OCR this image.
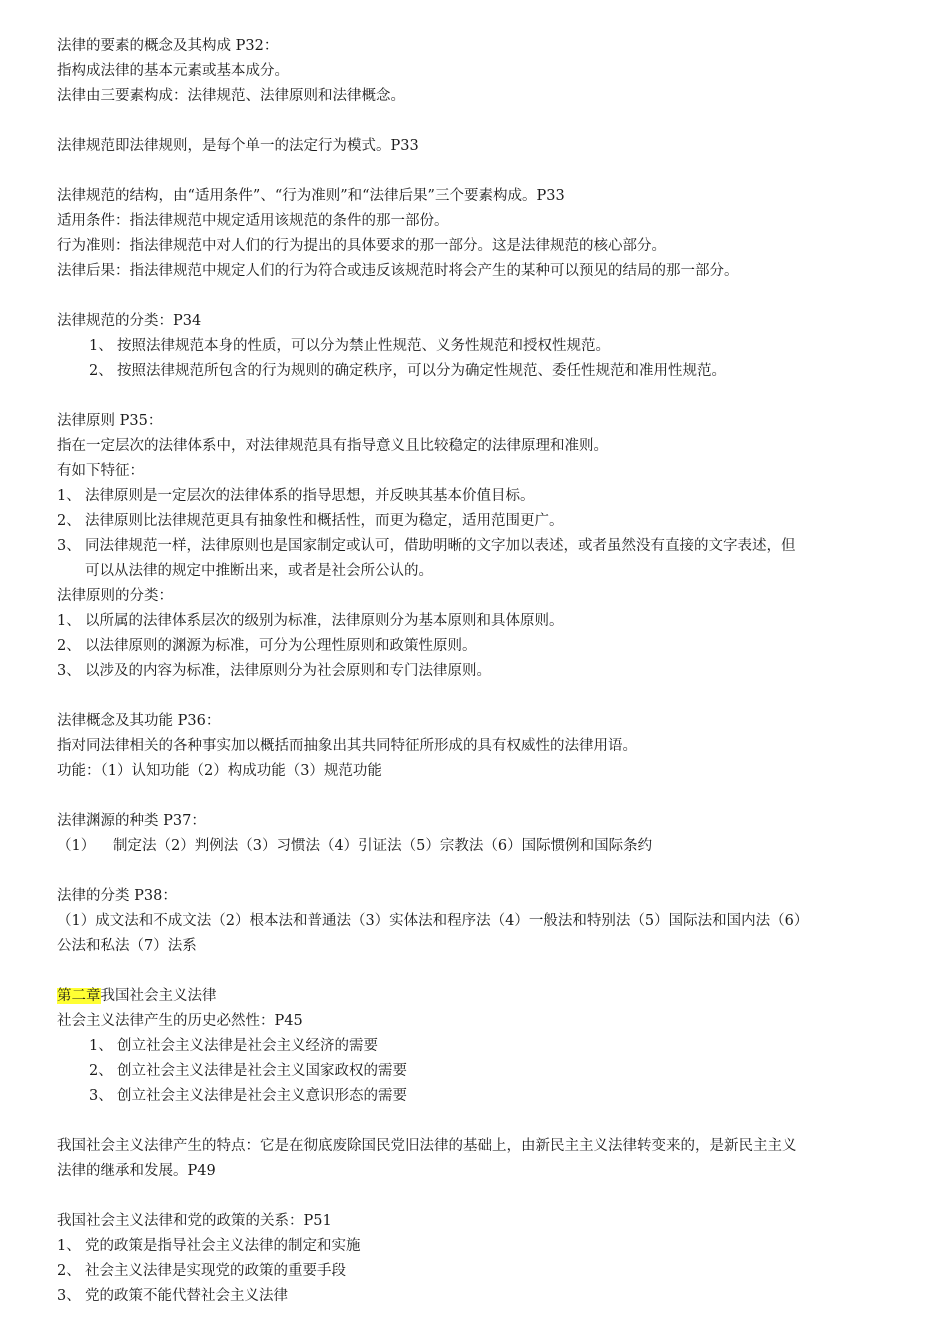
法律的要素的概念及其构成 P32：
指构成法律的基本元素或基本成分。
法律由三要素构成：法律规范、法律原则和法律概念。
法律规范即法律规则，是每个单一的法定行为模式。P33
法律规范的结构，由“适用条件”、“行为准则”和“法律后果”三个要素构成。P33
适用条件：指法律规范中规定适用该规范的条件的那一部份。
行为准则：指法律规范中对人们的行为提出的具体要求的那一部分。这是法律规范的核心部分。
法律后果：指法律规范中规定人们的行为符合或违反该规范时将会产生的某种可以预见的结局的那一部分。
法律规范的分类：P34
1、 按照法律规范本身的性质，可以分为禁止性规范、义务性规范和授权性规范。
2、 按照法律规范所包含的行为规则的确定秩序，可以分为确定性规范、委任性规范和准用性规范。
法律原则 P35：
指在一定层次的法律体系中，对法律规范具有指导意义且比较稳定的法律原理和准则。
有如下特征：
1、 法律原则是一定层次的法律体系的指导思想，并反映其基本价值目标。
2、 法律原则比法律规范更具有抽象性和概括性，而更为稳定，适用范围更广。
3、 同法律规范一样，法律原则也是国家制定或认可，借助明晰的文字加以表述，或者虽然没有直接的文字表述，但
可以从法律的规定中推断出来，或者是社会所公认的。
法律原则的分类：
1、 以所属的法律体系层次的级别为标准，法律原则分为基本原则和具体原则。
2、 以法律原则的渊源为标准，可分为公理性原则和政策性原则。
3、 以涉及的内容为标准，法律原则分为社会原则和专门法律原则。
法律概念及其功能 P36：
指对同法律相关的各种事实加以概括而抽象出其共同特征所形成的具有权威性的法律用语。
功能：（1）认知功能（2）构成功能（3）规范功能
法律渊源的种类 P37：
（1） 制定法（2）判例法（3）习惯法（4）引证法（5）宗教法（6）国际惯例和国际条约
法律的分类 P38：
（1）成文法和不成文法（2）根本法和普通法（3）实体法和程序法（4）一般法和特别法（5）国际法和国内法（6）
公法和私法（7）法系
第二章我国社会主义法律
社会主义法律产生的历史必然性：P45
1、 创立社会主义法律是社会主义经济的需要
2、 创立社会主义法律是社会主义国家政权的需要
3、 创立社会主义法律是社会主义意识形态的需要
我国社会主义法律产生的特点：它是在彻底废除国民党旧法律的基础上，由新民主主义法律转变来的，是新民主主义
法律的继承和发展。P49
我国社会主义法律和党的政策的关系：P51
1、 党的政策是指导社会主义法律的制定和实施
2、 社会主义法律是实现党的政策的重要手段
3、 党的政策不能代替社会主义法律
